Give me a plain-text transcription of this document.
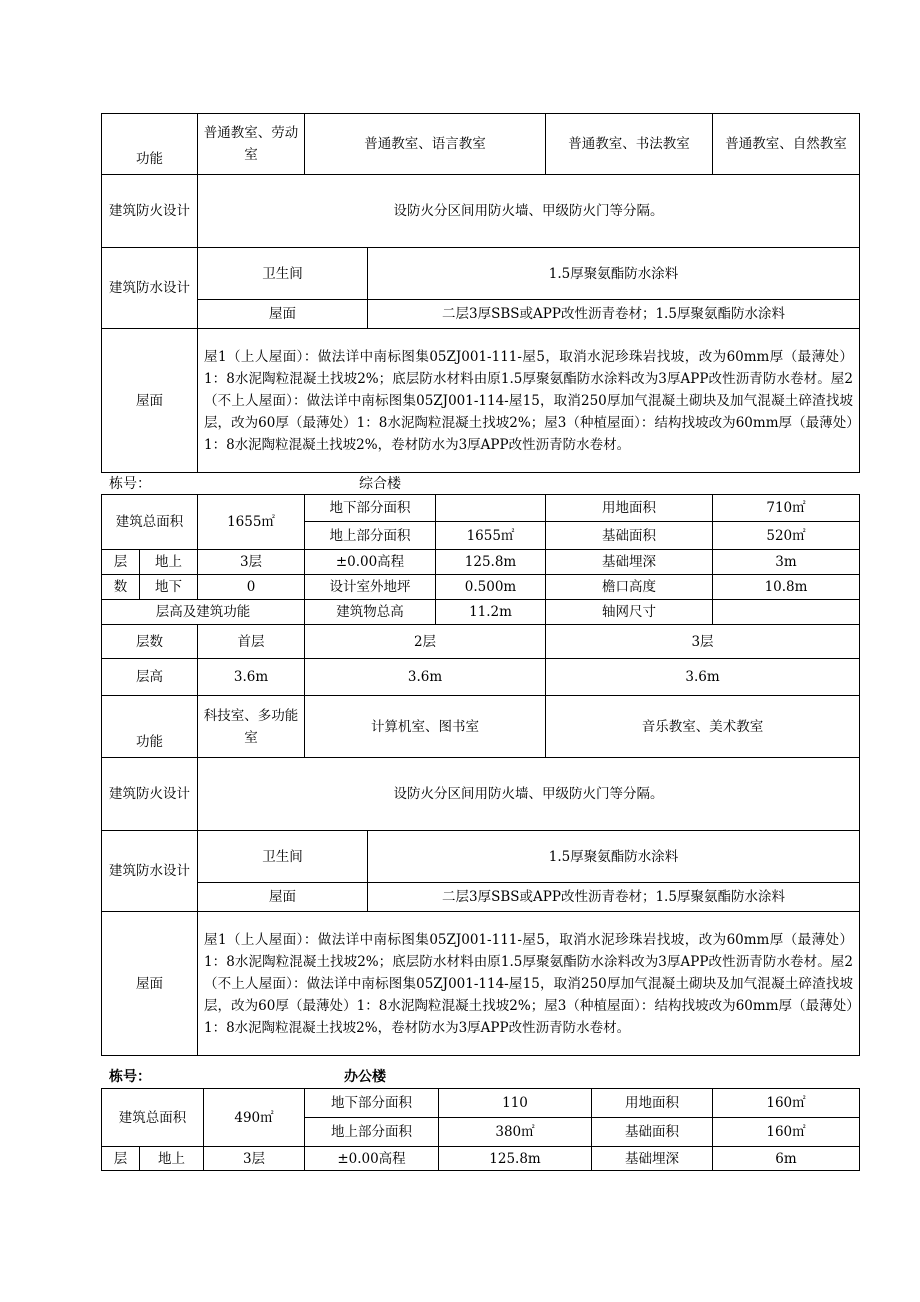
功能	普通教室、劳动室	普通教室、语言教室	普通教室、书法教室	普通教室、自然教室
建筑防火设计	设防火分区间用防火墙、甲级防火门等分隔。			
建筑防水设计	卫生间	1.5厚聚氨酯防水涂料
	屋面	二层3厚SBS或APP改性沥青卷材；1.5厚聚氨酯防水涂料
屋面	屋1（上人屋面）：做法详中南标图集05ZJ001-111-屋5，取消水泥珍珠岩找坡，改为60mm厚（最薄处）1：8水泥陶粒混凝土找坡2%；底层防水材料由原1.5厚聚氨酯防水涂料改为3厚APP改性沥青防水卷材。屋2（不上人屋面）：做法详中南标图集05ZJ001-114-屋15，取消250厚加气混凝土砌块及加气混凝土碎渣找坡层，改为60厚（最薄处）1：8水泥陶粒混凝土找坡2%；屋3（种植屋面）：结构找坡改为60mm厚（最薄处）1：8水泥陶粒混凝土找坡2%，卷材防水为3厚APP改性沥青防水卷材。
栋号：	综合楼
建筑总面积		1655㎡	地下部分面积		用地面积	710㎡
			地上部分面积	1655㎡	基础面积	520㎡
层	地上	3层	±0.00高程	125.8m	基础埋深	3m
数	地下	0	设计室外地坪	0.500m	檐口高度	10.8m
层高及建筑功能			建筑物总高	11.2m	轴网尺寸	
层数	首层	2层	3层
层高	3.6m	3.6m	3.6m
功能	科技室、多功能室	计算机室、图书室	音乐教室、美术教室
建筑防火设计	设防火分区间用防火墙、甲级防火门等分隔。		
建筑防水设计	卫生间	1.5厚聚氨酯防水涂料
	屋面	二层3厚SBS或APP改性沥青卷材；1.5厚聚氨酯防水涂料
屋面	屋1（上人屋面）：做法详中南标图集05ZJ001-111-屋5，取消水泥珍珠岩找坡，改为60mm厚（最薄处）1：8水泥陶粒混凝土找坡2%；底层防水材料由原1.5厚聚氨酯防水涂料改为3厚APP改性沥青防水卷材。屋2（不上人屋面）：做法详中南标图集05ZJ001-114-屋15，取消250厚加气混凝土砌块及加气混凝土碎渣找坡层，改为60厚（最薄处）1：8水泥陶粒混凝土找坡2%；屋3（种植屋面）：结构找坡改为60mm厚（最薄处）1：8水泥陶粒混凝土找坡2%，卷材防水为3厚APP改性沥青防水卷材。
栋号：	办公楼
建筑总面积		490㎡	地下部分面积	110	用地面积	160㎡
			地上部分面积	380㎡	基础面积	160㎡
层	地上	3层	±0.00高程	125.8m	基础埋深	6m
